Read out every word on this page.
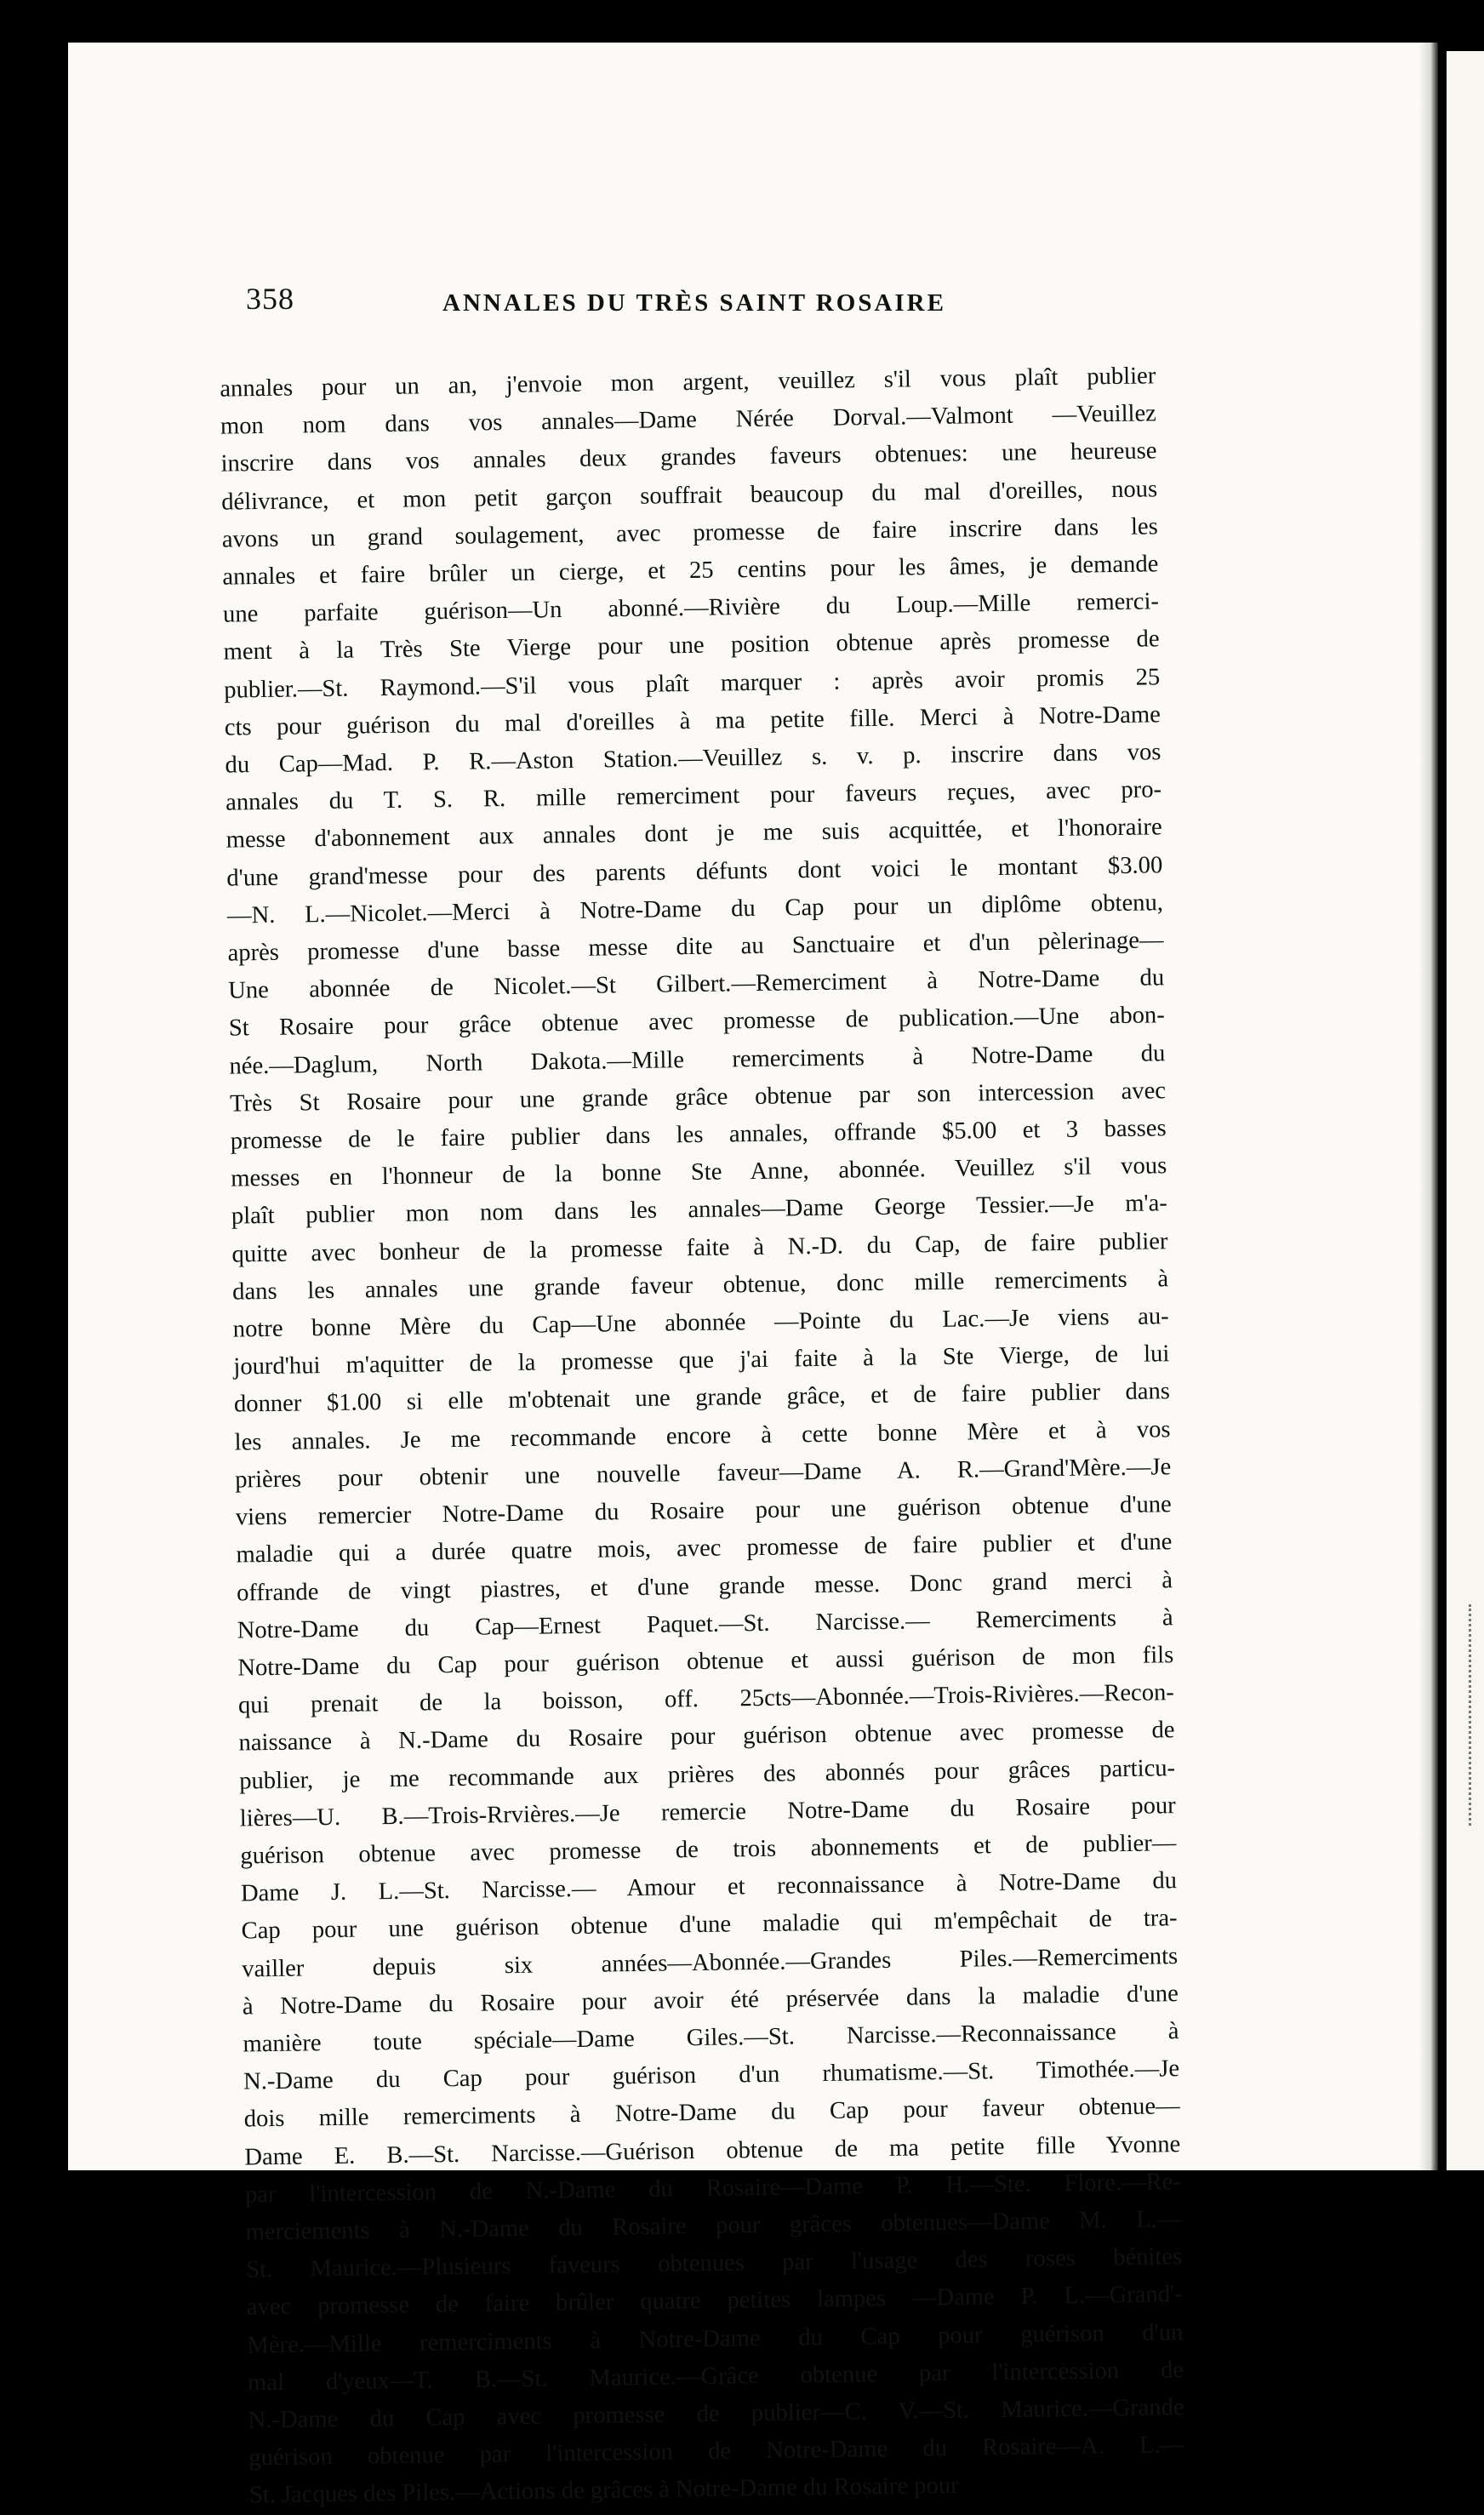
358	ANNALES DU TRÈS SAINT ROSAIRE

annales pour un an, j'envoie mon argent, veuillez s'il vous plaît publier
mon nom dans vos annales—Dame Nérée Dorval.—Valmont —Veuillez
inscrire dans vos annales deux grandes faveurs obtenues: une heureuse
délivrance, et mon petit garçon souffrait beaucoup du mal d'oreilles, nous
avons un grand soulagement, avec promesse de faire inscrire dans les
annales et faire brûler un cierge, et 25 centins pour les âmes, je demande
une parfaite guérison—Un abonné.—Rivière du Loup.—Mille remerci-
ment à la Très Ste Vierge pour une position obtenue après promesse de
publier.—St. Raymond.—S'il vous plaît marquer : après avoir promis 25
cts pour guérison du mal d'oreilles à ma petite fille. Merci à Notre-Dame
du Cap—Mad. P. R.—Aston Station.—Veuillez s. v. p. inscrire dans vos
annales du T. S. R. mille remerciment pour faveurs reçues, avec pro-
messe d'abonnement aux annales dont je me suis acquittée, et l'honoraire
d'une grand'messe pour des parents défunts dont voici le montant $3.00
—N. L.—Nicolet.—Merci à Notre-Dame du Cap pour un diplôme obtenu,
après promesse d'une basse messe dite au Sanctuaire et d'un pèlerinage—
Une abonnée de Nicolet.—St Gilbert.—Remerciment à Notre-Dame du
St Rosaire pour grâce obtenue avec promesse de publication.—Une abon-
née.—Daglum, North Dakota.—Mille remerciments à Notre-Dame du
Très St Rosaire pour une grande grâce obtenue par son intercession avec
promesse de le faire publier dans les annales, offrande $5.00 et 3 basses
messes en l'honneur de la bonne Ste Anne, abonnée. Veuillez s'il vous
plaît publier mon nom dans les annales—Dame George Tessier.—Je m'a-
quitte avec bonheur de la promesse faite à N.-D. du Cap, de faire publier
dans les annales une grande faveur obtenue, donc mille remerciments à
notre bonne Mère du Cap—Une abonnée —Pointe du Lac.—Je viens au-
jourd'hui m'aquitter de la promesse que j'ai faite à la Ste Vierge, de lui
donner $1.00 si elle m'obtenait une grande grâce, et de faire publier dans
les annales. Je me recommande encore à cette bonne Mère et à vos
prières pour obtenir une nouvelle faveur—Dame A. R.—Grand'Mère.—Je
viens remercier Notre-Dame du Rosaire pour une guérison obtenue d'une
maladie qui a durée quatre mois, avec promesse de faire publier et d'une
offrande de vingt piastres, et d'une grande messe. Donc grand merci à
Notre-Dame du Cap—Ernest Paquet.—St. Narcisse.— Remerciments à
Notre-Dame du Cap pour guérison obtenue et aussi guérison de mon fils
qui prenait de la boisson, off. 25cts—Abonnée.—Trois-Rivières.—Recon-
naissance à N.-Dame du Rosaire pour guérison obtenue avec promesse de
publier, je me recommande aux prières des abonnés pour grâces particu-
lières—U. B.—Trois-Rrvières.—Je remercie Notre-Dame du Rosaire pour
guérison obtenue avec promesse de trois abonnements et de publier—
Dame J. L.—St. Narcisse.— Amour et reconnaissance à Notre-Dame du
Cap pour une guérison obtenue d'une maladie qui m'empêchait de tra-
vailler depuis six années—Abonnée.—Grandes Piles.—Remerciments
à Notre-Dame du Rosaire pour avoir été préservée dans la maladie d'une
manière toute spéciale—Dame Giles.—St. Narcisse.—Reconnaissance à
N.-Dame du Cap pour guérison d'un rhumatisme.—St. Timothée.—Je
dois mille remerciments à Notre-Dame du Cap pour faveur obtenue—
Dame E. B.—St. Narcisse.—Guérison obtenue de ma petite fille Yvonne
par l'intercession de N.-Dame du Rosaire—Dame P. H.—Ste. Flore.—Re-
merciements à N.-Dame du Rosaire pour grâces obtenues—Dame M. L.—
St. Maurice.—Plusieurs faveurs obtenues par l'usage des roses bénites
avec promesse de faire brûler quatre petites lampes —Dame P. L.—Grand'-
Mère.—Mille remerciments à Notre-Dame du Cap pour guérison d'un
mal d'yeux—T. B.—St. Maurice.—Grâce obtenue par l'intercession de
N.-Dame du Cap avec promesse de publier—C. V.—St. Maurice.—Grande
guérison obtenue par l'intercession de Notre-Dame du Rosaire—A. L.—
St. Jacques des Piles.—Actions de grâces à Notre-Dame du Rosaire pour
